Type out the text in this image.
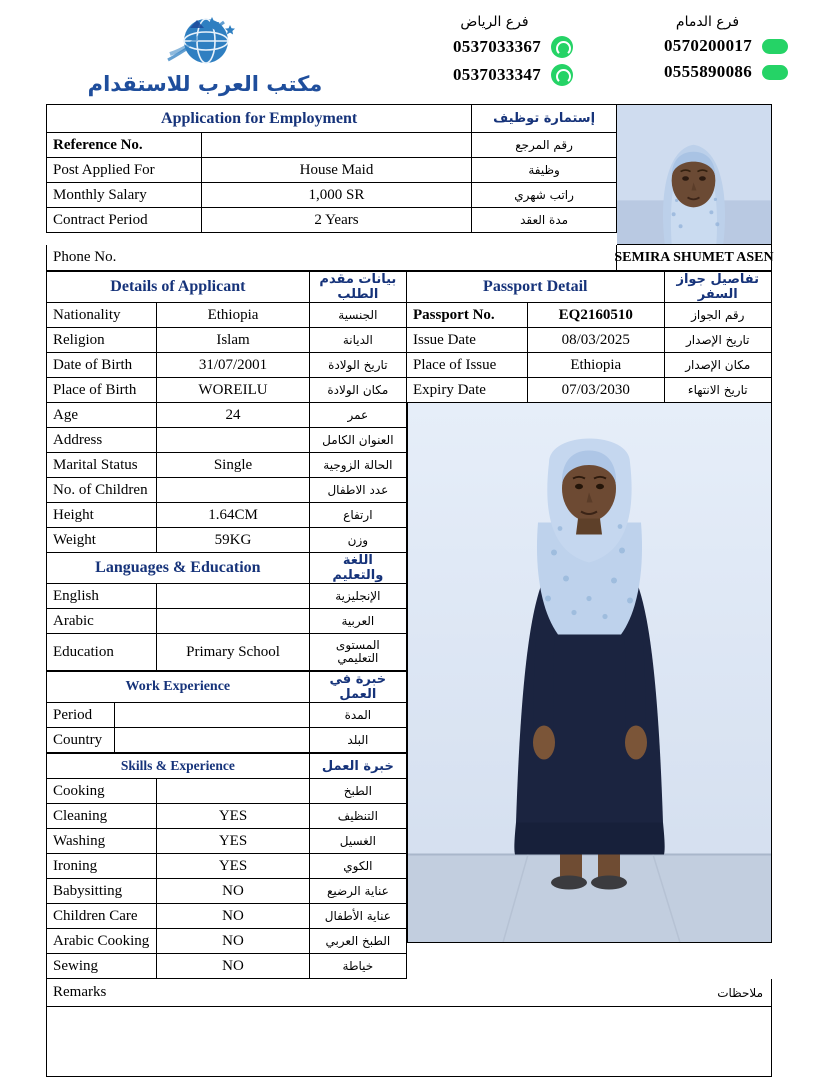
مكتب العرب للاستقدام
فرع الرياض
0537033367
0537033347
فرع الدمام
0570200017
0555890086
Application for Employment		إستمارة توظيف
Reference No.		رقم المرجع
Post Applied For	House Maid	وظيفة
Monthly Salary	1,000 SR	راتب شهري
Contract Period	2 Years	مدة العقد
Phone No.	SEMIRA SHUMET ASEN
Details of Applicant		بيانات مقدم الطلب
Nationality	Ethiopia	الجنسية
Religion	Islam	الديانة
Date of Birth	31/07/2001	تاريخ الولادة
Place of Birth	WOREILU	مكان الولادة
Age	24	عمر
Address		العنوان الكامل
Marital Status	Single	الحالة الزوجية
No. of Children		عدد الاطفال
Height	1.64CM	ارتفاع
Weight	59KG	وزن
Languages & Education		اللغة والتعليم
English		الإنجليزية
Arabic		العربية
Education	Primary School	المستوى التعليمي
Work Experience		خبرة في العمل
Period		المدة
Country		البلد
Skills & Experience		خبرة العمل
Cooking		الطبخ
Cleaning	YES	التنظيف
Washing	YES	الغسيل
Ironing	YES	الكوي
Babysitting	NO	عناية الرضيع
Children Care	NO	عناية الأطفال
Arabic Cooking	NO	الطبخ العربي
Sewing	NO	خياطة
Passport Detail		تفاصيل جواز السفر
Passport No.	EQ2160510	رقم الجواز
Issue Date	08/03/2025	تاريخ الإصدار
Place of Issue	Ethiopia	مكان الإصدار
Expiry Date	07/03/2030	تاريخ الانتهاء
Remarks	ملاحظات
